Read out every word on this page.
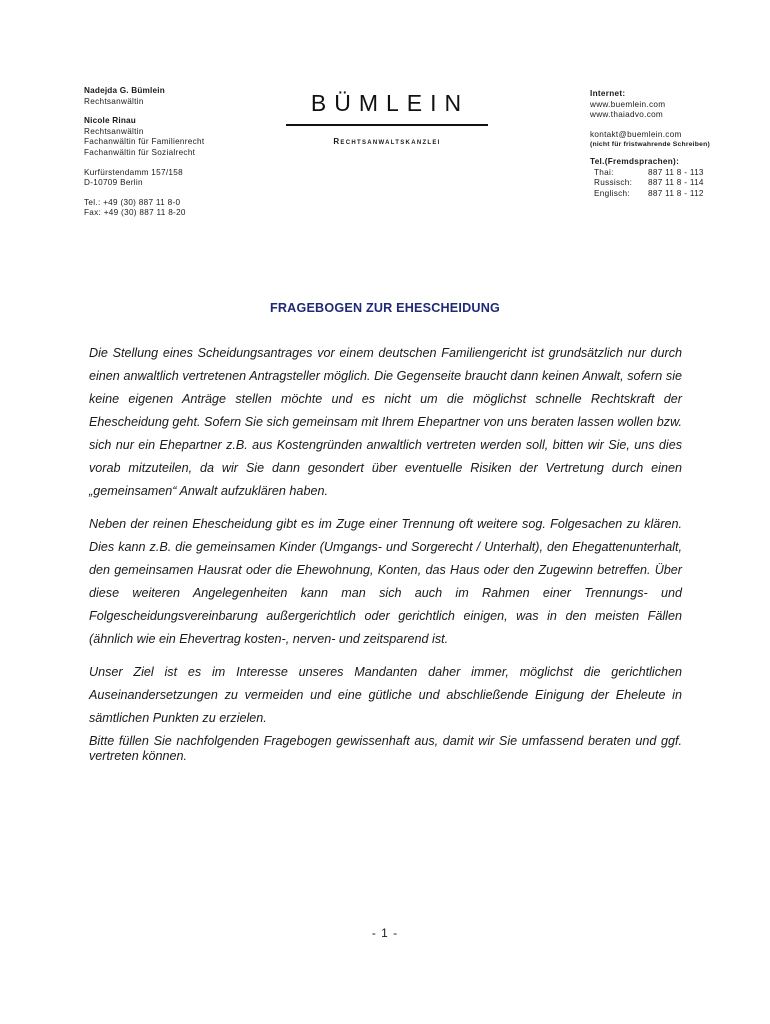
Nadejda G. Bümlein
Rechtsanwältin
Nicole Rinau
Rechtsanwältin
Fachanwältin für Familienrecht
Fachanwältin für Sozialrecht
Kurfürstendamm 157/158
D-10709 Berlin
Tel.: +49 (30) 887 11 8-0
Fax: +49 (30) 887 11 8-20
BÜMLEIN
Rechtsanwaltskanzlei
Internet:
www.buemlein.com
www.thaiadvo.com
kontakt@buemlein.com
(nicht für fristwahrende Schreiben)
Tel.(Fremdsprachen):
Thai:	887 11 8 - 113
Russisch:	887 11 8 - 114
Englisch:	887 11 8 - 112
FRAGEBOGEN ZUR EHESCHEIDUNG

Die Stellung eines Scheidungsantrages vor einem deutschen Familiengericht ist grundsätzlich nur durch einen anwaltlich vertretenen Antragsteller möglich. Die Gegenseite braucht dann keinen Anwalt, sofern sie keine eigenen Anträge stellen möchte und es nicht um die möglichst schnelle Rechtskraft der Ehescheidung geht. Sofern Sie sich gemeinsam mit Ihrem Ehepartner von uns beraten lassen wollen bzw. sich nur ein Ehepartner z.B. aus Kostengründen anwaltlich vertreten werden soll, bitten wir Sie, uns dies vorab mitzuteilen, da wir Sie dann gesondert über eventuelle Risiken der Vertretung durch einen „gemeinsamen“ Anwalt aufzuklären haben.

Neben der reinen Ehescheidung gibt es im Zuge einer Trennung oft weitere sog. Folgesachen zu klären. Dies kann z.B. die gemeinsamen Kinder (Umgangs- und Sorgerecht / Unterhalt), den Ehegattenunterhalt, den gemeinsamen Hausrat oder die Ehewohnung, Konten, das Haus oder den Zugewinn betreffen. Über diese weiteren Angelegenheiten kann man sich auch im Rahmen einer Trennungs- und Folgescheidungsvereinbarung außergerichtlich oder gerichtlich einigen, was in den meisten Fällen (ähnlich wie ein Ehevertrag kosten-, nerven- und zeitsparend ist.

Unser Ziel ist es im Interesse unseres Mandanten daher immer, möglichst die gerichtlichen Auseinandersetzungen zu vermeiden und eine gütliche und abschließende Einigung der Eheleute in sämtlichen Punkten zu erzielen.

Bitte füllen Sie nachfolgenden Fragebogen gewissenhaft aus, damit wir Sie umfassend beraten und ggf. vertreten können.

- 1 -
